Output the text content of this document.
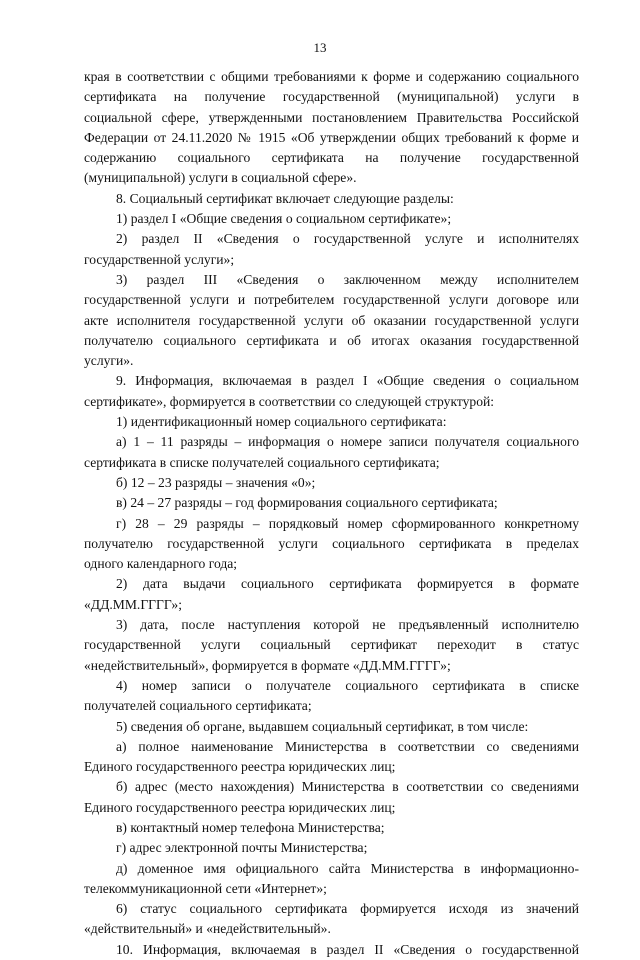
13
края в соответствии с общими требованиями к форме и содержанию социального
сертификата на получение государственной (муниципальной) услуги в
социальной сфере, утвержденными постановлением Правительства Российской
Федерации от 24.11.2020 № 1915 «Об утверждении общих требований к форме и
содержанию социального сертификата на получение государственной
(муниципальной) услуги в социальной сфере».
8. Социальный сертификат включает следующие разделы:
1) раздел I «Общие сведения о социальном сертификате»;
2) раздел II «Сведения о государственной услуге и исполнителях
государственной услуги»;
3) раздел III «Сведения о заключенном между исполнителем
государственной услуги и потребителем государственной услуги договоре или
акте исполнителя государственной услуги об оказании государственной услуги
получателю социального сертификата и об итогах оказания государственной
услуги».
9. Информация, включаемая в раздел I «Общие сведения о социальном
сертификате», формируется в соответствии со следующей структурой:
1) идентификационный номер социального сертификата:
а) 1 – 11 разряды – информация о номере записи получателя социального
сертификата в списке получателей социального сертификата;
б) 12 – 23 разряды – значения «0»;
в) 24 – 27 разряды – год формирования социального сертификата;
г) 28 – 29 разряды – порядковый номер сформированного конкретному
получателю государственной услуги социального сертификата в пределах
одного календарного года;
2) дата выдачи социального сертификата формируется в формате
«ДД.ММ.ГГГГ»;
3) дата, после наступления которой не предъявленный исполнителю
государственной услуги социальный сертификат переходит в статус
«недействительный», формируется в формате «ДД.ММ.ГГГГ»;
4) номер записи о получателе социального сертификата в списке
получателей социального сертификата;
5) сведения об органе, выдавшем социальный сертификат, в том числе:
а) полное наименование Министерства в соответствии со сведениями
Единого государственного реестра юридических лиц;
б) адрес (место нахождения) Министерства в соответствии со сведениями
Единого государственного реестра юридических лиц;
в) контактный номер телефона Министерства;
г) адрес электронной почты Министерства;
д) доменное имя официального сайта Министерства в информационно-
телекоммуникационной сети «Интернет»;
6) статус социального сертификата формируется исходя из значений
«действительный» и «недействительный».
10. Информация, включаемая в раздел II «Сведения о государственной
